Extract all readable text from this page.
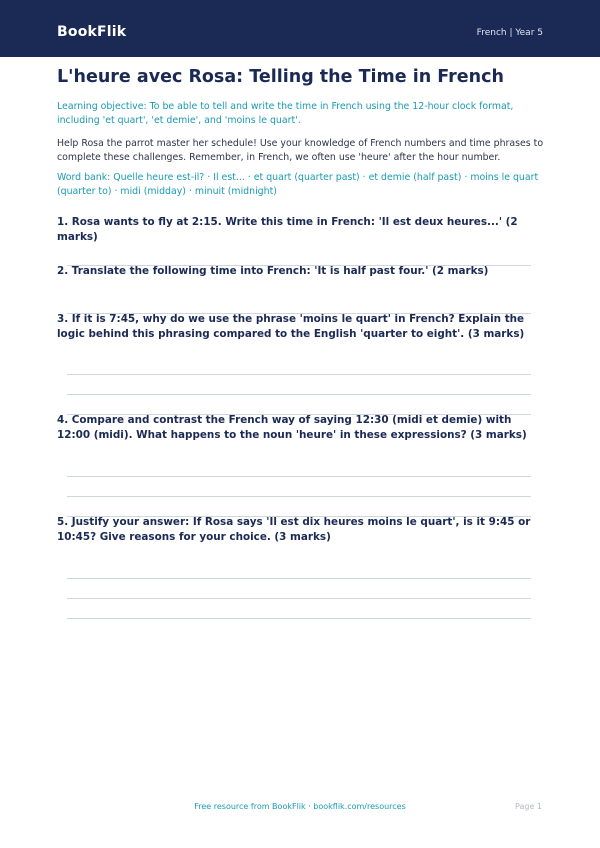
BookFlik	French | Year 5
L'heure avec Rosa: Telling the Time in French
Learning objective: To be able to tell and write the time in French using the 12-hour clock format, including 'et quart', 'et demie', and 'moins le quart'.
Help Rosa the parrot master her schedule! Use your knowledge of French numbers and time phrases to complete these challenges. Remember, in French, we often use 'heure' after the hour number.
Word bank: Quelle heure est-il? · Il est... · et quart (quarter past) · et demie (half past) · moins le quart (quarter to) · midi (midday) · minuit (midnight)
1. Rosa wants to fly at 2:15. Write this time in French: 'Il est deux heures...' (2 marks)
2. Translate the following time into French: 'It is half past four.' (2 marks)
3. If it is 7:45, why do we use the phrase 'moins le quart' in French? Explain the logic behind this phrasing compared to the English 'quarter to eight'. (3 marks)
4. Compare and contrast the French way of saying 12:30 (midi et demie) with 12:00 (midi). What happens to the noun 'heure' in these expressions? (3 marks)
5. Justify your answer: If Rosa says 'Il est dix heures moins le quart', is it 9:45 or 10:45? Give reasons for your choice. (3 marks)
Free resource from BookFlik · bookflik.com/resources	Page 1
